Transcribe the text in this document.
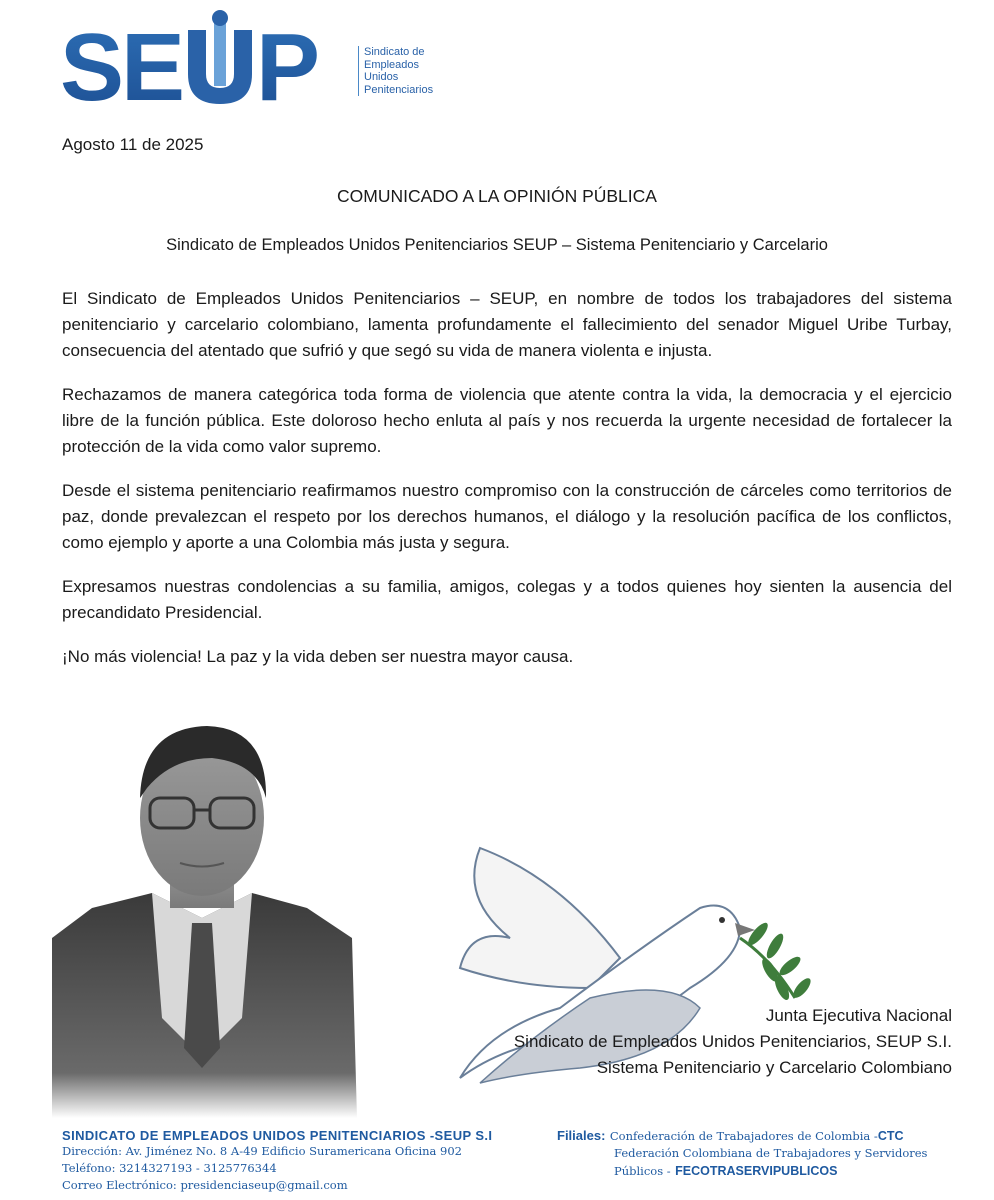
SE P	Sindicato de
Empleados
Unidos
Penitenciarios
Agosto 11 de 2025
COMUNICADO A LA OPINIÓN PÚBLICA
Sindicato de Empleados Unidos Penitenciarios SEUP – Sistema Penitenciario y Carcelario

El Sindicato de Empleados Unidos Penitenciarios – SEUP, en nombre de todos los trabajadores del sistema penitenciario y carcelario colombiano, lamenta profundamente el fallecimiento del senador Miguel Uribe Turbay, consecuencia del atentado que sufrió y que segó su vida de manera violenta e injusta.

Rechazamos de manera categórica toda forma de violencia que atente contra la vida, la democracia y el ejercicio libre de la función pública. Este doloroso hecho enluta al país y nos recuerda la urgente necesidad de fortalecer la protección de la vida como valor supremo.

Desde el sistema penitenciario reafirmamos nuestro compromiso con la construcción de cárceles como territorios de paz, donde prevalezcan el respeto por los derechos humanos, el diálogo y la resolución pacífica de los conflictos, como ejemplo y aporte a una Colombia más justa y segura.

Expresamos nuestras condolencias a su familia, amigos, colegas y a todos quienes hoy sienten la ausencia del precandidato Presidencial.

¡No más violencia! La paz y la vida deben ser nuestra mayor causa.

Junta Ejecutiva Nacional
Sindicato de Empleados Unidos Penitenciarios, SEUP S.I.
Sistema Penitenciario y Carcelario Colombiano
SINDICATO DE EMPLEADOS UNIDOS PENITENCIARIOS -SEUP S.I
Dirección: Av. Jiménez No. 8 A-49 Edificio Suramericana Oficina 902
Teléfono: 3214327193 - 3125776344
Correo Electrónico: presidenciaseup@gmail.com
Filiales: Confederación de Trabajadores de Colombia -CTC
Federación Colombiana de Trabajadores y Servidores
Públicos - FECOTRASERVIPUBLICOS
